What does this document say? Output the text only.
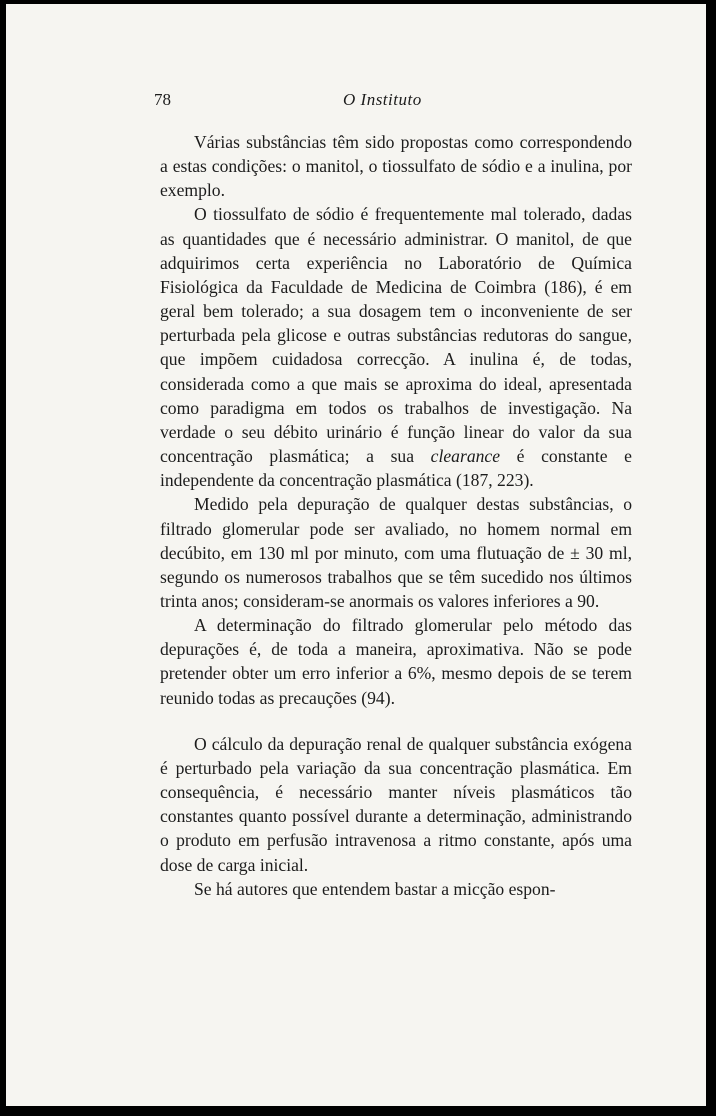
78	O Instituto

Várias substâncias têm sido propostas como correspondendo a estas condições: o manitol, o tiossulfato de sódio e a inulina, por exemplo.

O tiossulfato de sódio é frequentemente mal tolerado, dadas as quantidades que é necessário administrar. O manitol, de que adquirimos certa experiência no Laboratório de Química Fisiológica da Faculdade de Medicina de Coimbra (186), é em geral bem tolerado; a sua dosagem tem o inconveniente de ser perturbada pela glicose e outras substâncias redutoras do sangue, que impõem cuidadosa correcção. A inulina é, de todas, considerada como a que mais se aproxima do ideal, apresentada como paradigma em todos os trabalhos de investigação. Na verdade o seu débito urinário é função linear do valor da sua concentração plasmática; a sua clearance é constante e independente da concentração plasmática (187, 223).

Medido pela depuração de qualquer destas substâncias, o filtrado glomerular pode ser avaliado, no homem normal em decúbito, em 130 ml por minuto, com uma flutuação de ± 30 ml, segundo os numerosos trabalhos que se têm sucedido nos últimos trinta anos; consideram-se anormais os valores inferiores a 90.

A determinação do filtrado glomerular pelo método das depurações é, de toda a maneira, aproximativa. Não se pode pretender obter um erro inferior a 6%, mesmo depois de se terem reunido todas as precauções (94).

O cálculo da depuração renal de qualquer substância exógena é perturbado pela variação da sua concentração plasmática. Em consequência, é necessário manter níveis plasmáticos tão constantes quanto possível durante a determinação, administrando o produto em perfusão intravenosa a ritmo constante, após uma dose de carga inicial.

Se há autores que entendem bastar a micção espon-
